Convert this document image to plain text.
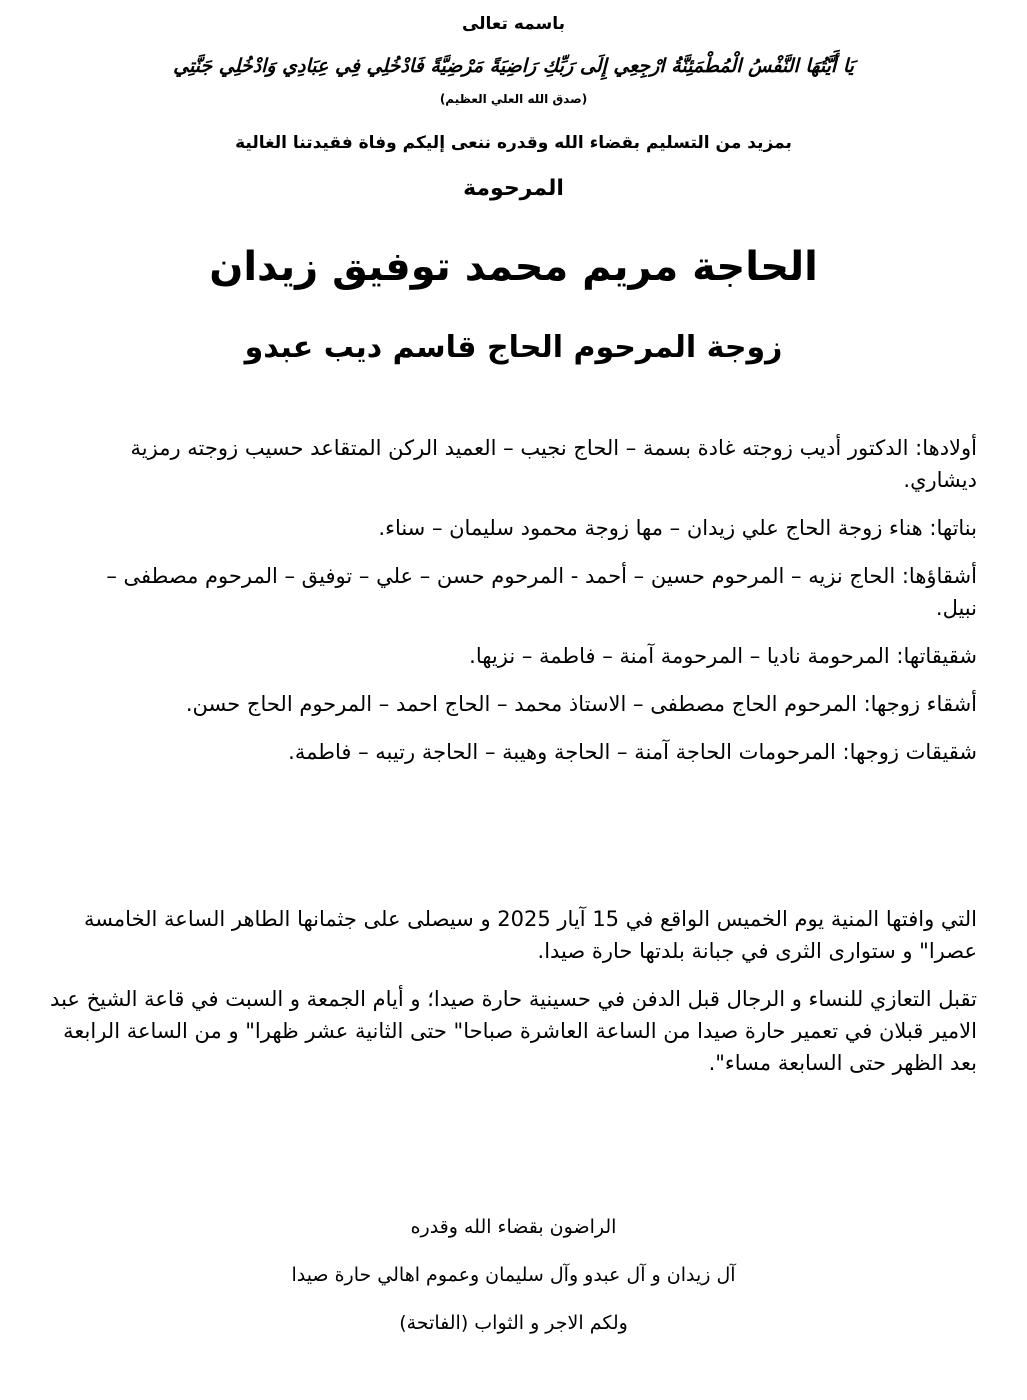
باسمه تعالى

يَا أَيَّتُهَا النَّفْسُ الْمُطْمَئِنَّةُ ارْجِعِي إِلَى رَبِّكِ رَاضِيَةً مَرْضِيَّةً فَادْخُلِي فِي عِبَادِي وَادْخُلِي جَنَّتِي

(صدق الله العلي العظيم)

بمزيد من التسليم بقضاء الله وقدره ننعى إليكم وفاة فقيدتنا الغالية

المرحومة

الحاجة مريم محمد توفيق زيدان

زوجة المرحوم الحاج قاسم ديب عبدو

أولادها: الدكتور أديب زوجته غادة بسمة – الحاج نجيب – العميد الركن المتقاعد حسيب زوجته رمزية ديشاري.

بناتها: هناء زوجة الحاج علي زيدان – مها زوجة محمود سليمان – سناء.

أشقاؤها: الحاج نزيه – المرحوم حسين – أحمد - المرحوم حسن – علي – توفيق – المرحوم مصطفى – نبيل.

شقيقاتها: المرحومة ناديا – المرحومة آمنة – فاطمة – نزيها.

أشقاء زوجها: المرحوم الحاج مصطفى – الاستاذ محمد – الحاج احمد – المرحوم الحاج حسن.

شقيقات زوجها: المرحومات الحاجة آمنة – الحاجة وهيبة – الحاجة رتيبه – فاطمة.

التي وافتها المنية يوم الخميس الواقع في 15 آيار 2025 و سيصلى على جثمانها الطاهر الساعة الخامسة عصرا" و ستوارى الثرى في جبانة بلدتها حارة صيدا.

تقبل التعازي للنساء و الرجال قبل الدفن في حسينية حارة صيدا؛ و أيام الجمعة و السبت في قاعة الشيخ عبد الامير قبلان في تعمير حارة صيدا من الساعة العاشرة صباحا" حتى الثانية عشر ظهرا" و من الساعة الرابعة بعد الظهر حتى السابعة مساء".

الراضون بقضاء الله وقدره

آل زيدان و آل عبدو وآل سليمان وعموم اهالي حارة صيدا

ولكم الاجر و الثواب (الفاتحة)
